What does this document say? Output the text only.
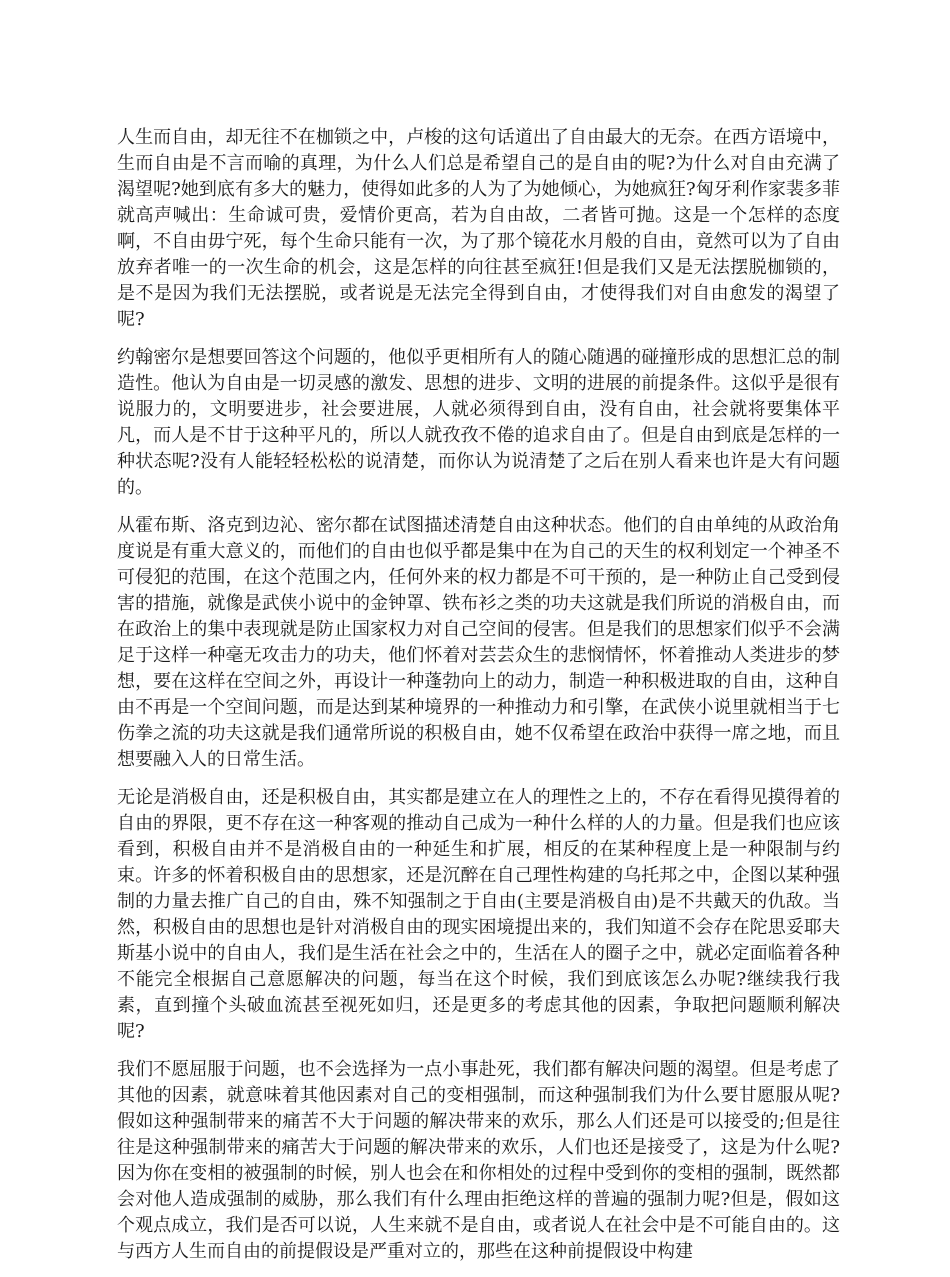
人生而自由，却无往不在枷锁之中，卢梭的这句话道出了自由最大的无奈。在西方语境中，生而自由是不言而喻的真理，为什么人们总是希望自己的是自由的呢?为什么对自由充满了渴望呢?她到底有多大的魅力，使得如此多的人为了为她倾心，为她疯狂?匈牙利作家裴多菲就高声喊出：生命诚可贵，爱情价更高，若为自由故，二者皆可抛。这是一个怎样的态度啊，不自由毋宁死，每个生命只能有一次，为了那个镜花水月般的自由，竟然可以为了自由放弃者唯一的一次生命的机会，这是怎样的向往甚至疯狂!但是我们又是无法摆脱枷锁的，是不是因为我们无法摆脱，或者说是无法完全得到自由，才使得我们对自由愈发的渴望了呢?

约翰密尔是想要回答这个问题的，他似乎更相所有人的随心随遇的碰撞形成的思想汇总的制造性。他认为自由是一切灵感的激发、思想的进步、文明的进展的前提条件。这似乎是很有说服力的，文明要进步，社会要进展，人就必须得到自由，没有自由，社会就将要集体平凡，而人是不甘于这种平凡的，所以人就孜孜不倦的追求自由了。但是自由到底是怎样的一种状态呢?没有人能轻轻松松的说清楚，而你认为说清楚了之后在别人看来也许是大有问题的。

从霍布斯、洛克到边沁、密尔都在试图描述清楚自由这种状态。他们的自由单纯的从政治角度说是有重大意义的，而他们的自由也似乎都是集中在为自己的天生的权利划定一个神圣不可侵犯的范围，在这个范围之内，任何外来的权力都是不可干预的，是一种防止自己受到侵害的措施，就像是武侠小说中的金钟罩、铁布衫之类的功夫这就是我们所说的消极自由，而在政治上的集中表现就是防止国家权力对自己空间的侵害。但是我们的思想家们似乎不会满足于这样一种毫无攻击力的功夫，他们怀着对芸芸众生的悲悯情怀，怀着推动人类进步的梦想，要在这样在空间之外，再设计一种蓬勃向上的动力，制造一种积极进取的自由，这种自由不再是一个空间问题，而是达到某种境界的一种推动力和引擎，在武侠小说里就相当于七伤拳之流的功夫这就是我们通常所说的积极自由，她不仅希望在政治中获得一席之地，而且想要融入人的日常生活。

无论是消极自由，还是积极自由，其实都是建立在人的理性之上的，不存在看得见摸得着的自由的界限，更不存在这一种客观的推动自己成为一种什么样的人的力量。但是我们也应该看到，积极自由并不是消极自由的一种延生和扩展，相反的在某种程度上是一种限制与约束。许多的怀着积极自由的思想家，还是沉醉在自己理性构建的乌托邦之中，企图以某种强制的力量去推广自己的自由，殊不知强制之于自由(主要是消极自由)是不共戴天的仇敌。当然，积极自由的思想也是针对消极自由的现实困境提出来的，我们知道不会存在陀思妥耶夫斯基小说中的自由人，我们是生活在社会之中的，生活在人的圈子之中，就必定面临着各种不能完全根据自己意愿解决的问题，每当在这个时候，我们到底该怎么办呢?继续我行我素，直到撞个头破血流甚至视死如归，还是更多的考虑其他的因素，争取把问题顺利解决呢?

我们不愿屈服于问题，也不会选择为一点小事赴死，我们都有解决问题的渴望。但是考虑了其他的因素，就意味着其他因素对自己的变相强制，而这种强制我们为什么要甘愿服从呢?假如这种强制带来的痛苦不大于问题的解决带来的欢乐，那么人们还是可以接受的;但是往往是这种强制带来的痛苦大于问题的解决带来的欢乐，人们也还是接受了，这是为什么呢?因为你在变相的被强制的时候，别人也会在和你相处的过程中受到你的变相的强制，既然都会对他人造成强制的威胁，那么我们有什么理由拒绝这样的普遍的强制力呢?但是，假如这个观点成立，我们是否可以说，人生来就不是自由，或者说人在社会中是不可能自由的。这与西方人生而自由的前提假设是严重对立的，那些在这种前提假设中构建
